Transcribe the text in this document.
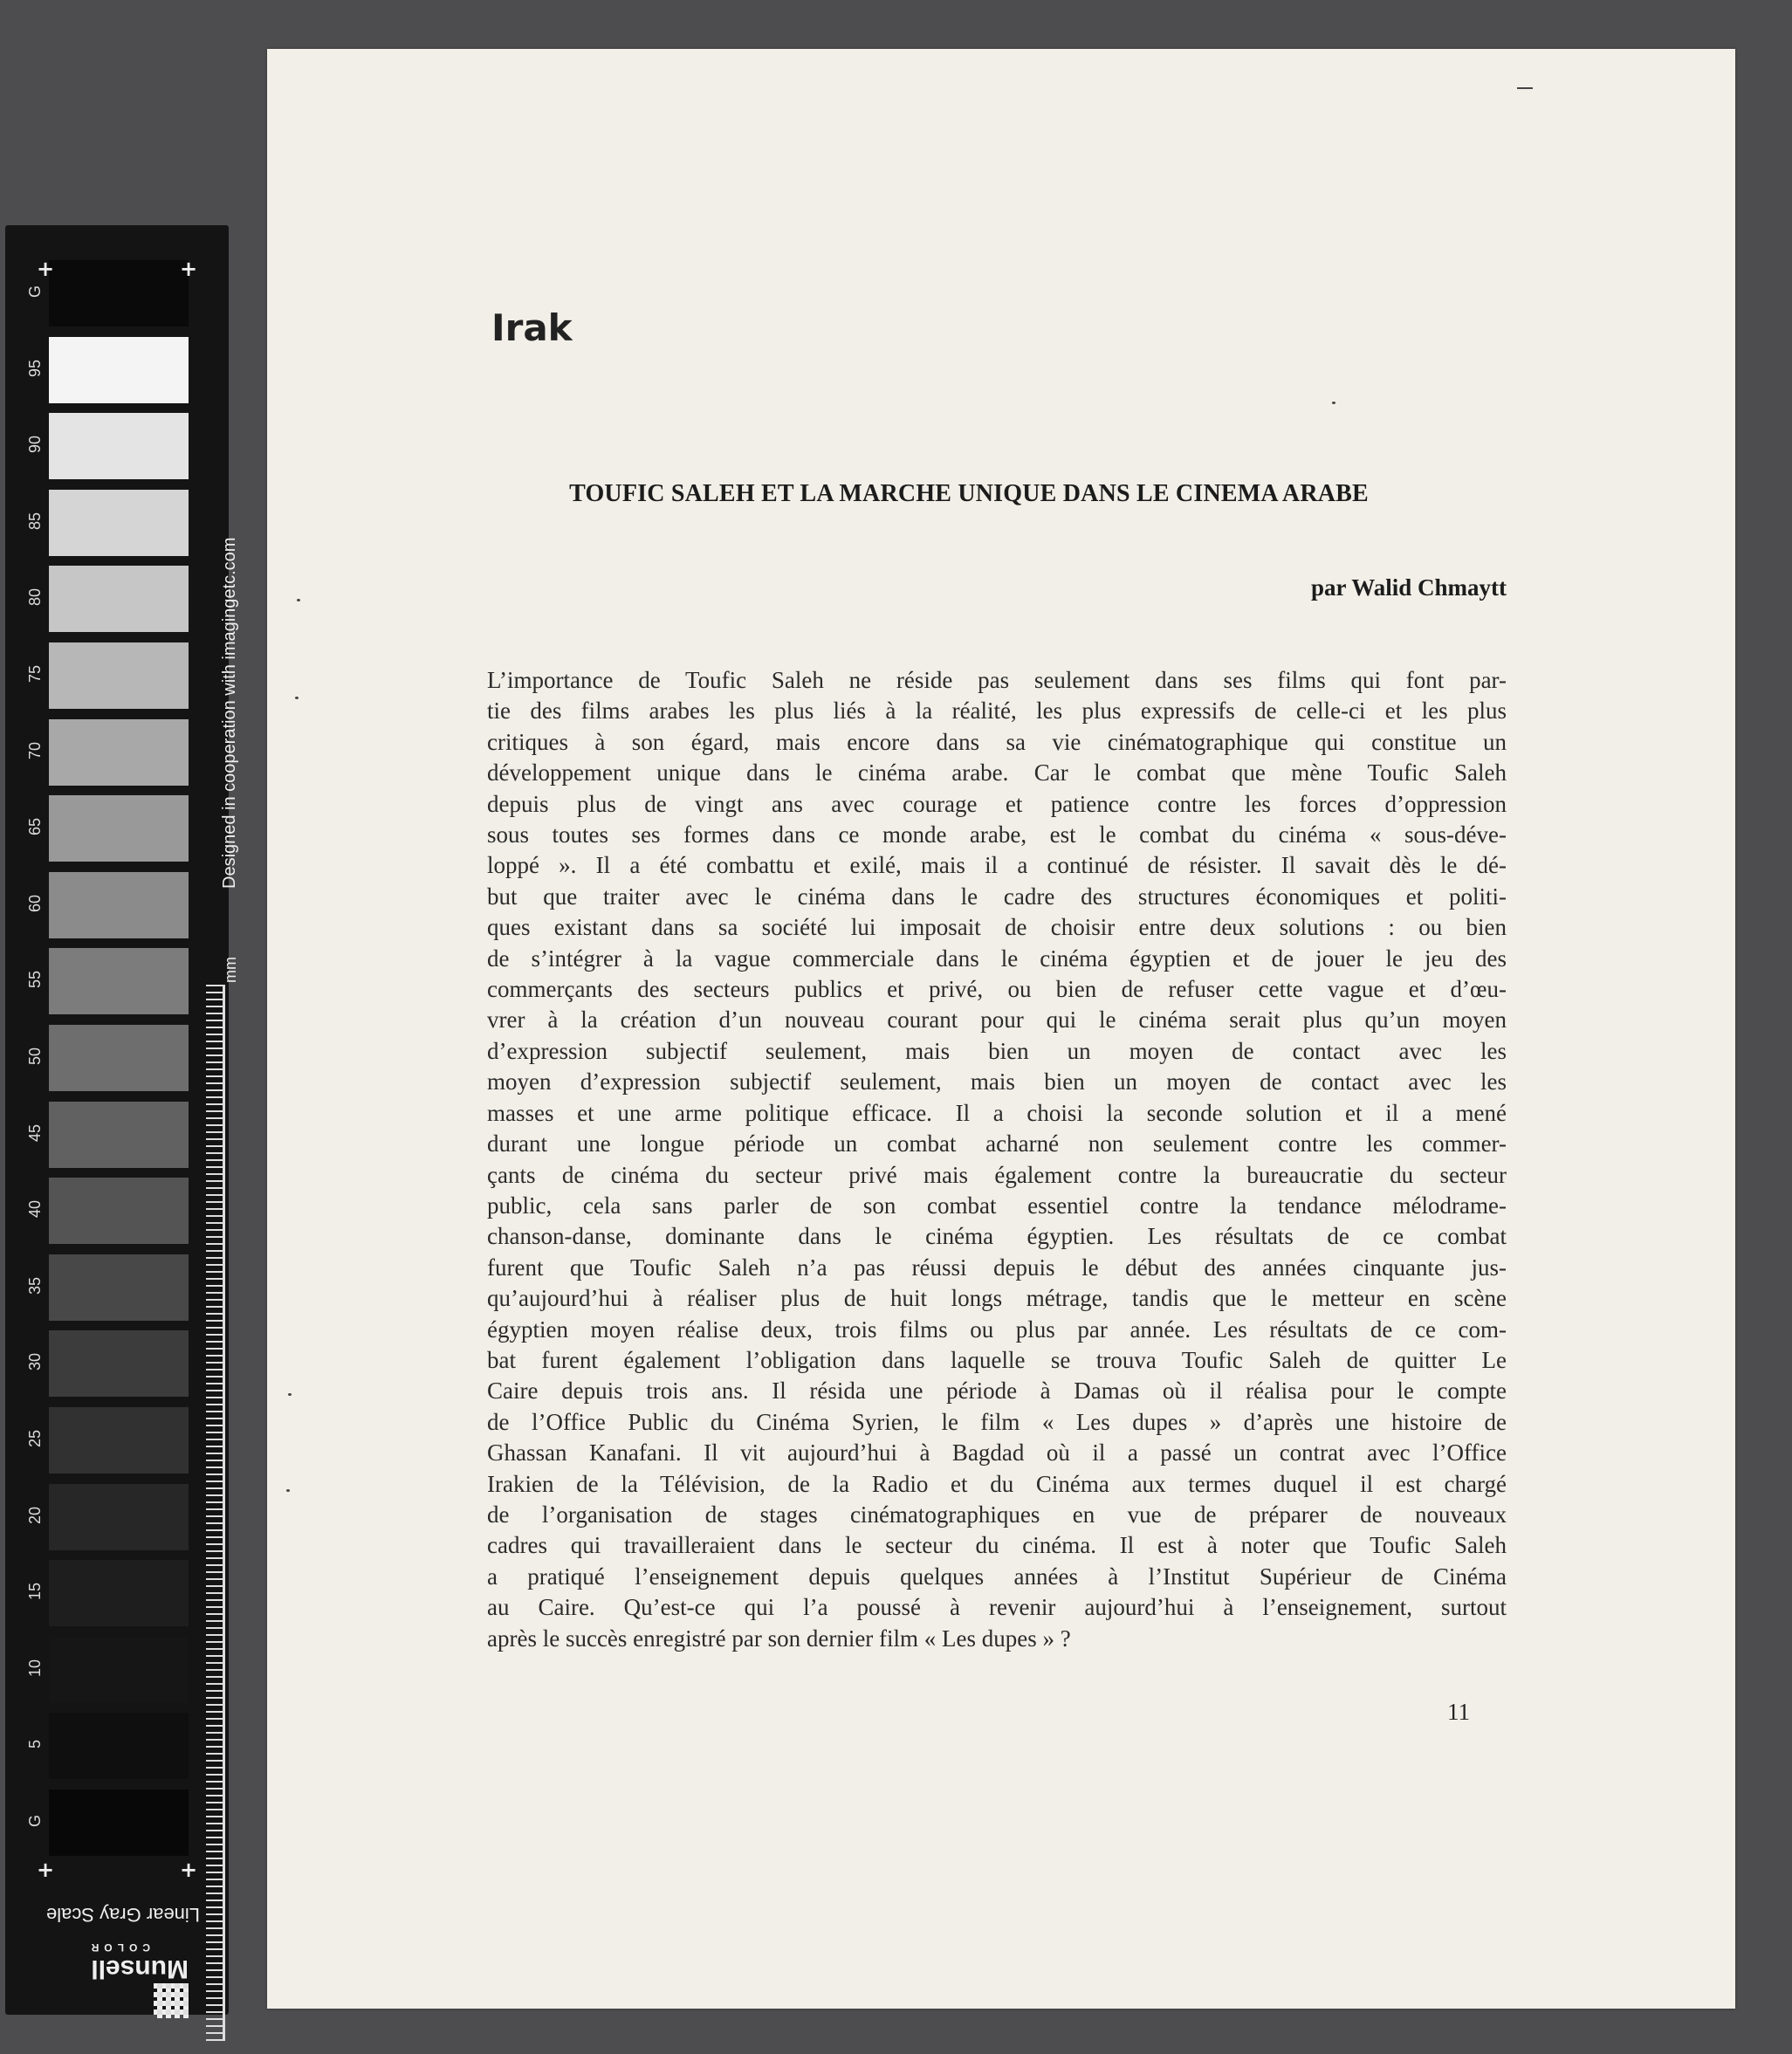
G
95
90
85
80
75
70
65
60
55
50
45
40
35
30
25
20
15
10
5
G
+	+
+	+
Designed in cooperation with imagingetc.com
mm
Linear Gray Scale
Munsell
COLOR
Irak
TOUFIC SALEH ET LA MARCHE UNIQUE DANS LE CINEMA ARABE
par Walid Chmaytt
L’importance de Toufic Saleh ne réside pas seulement dans ses films qui font par-
tie des films arabes les plus liés à la réalité, les plus expressifs de celle-ci et les plus
critiques à son égard, mais encore dans sa vie cinématographique qui constitue un
développement unique dans le cinéma arabe. Car le combat que mène Toufic Saleh
depuis plus de vingt ans avec courage et patience contre les forces d’oppression
sous toutes ses formes dans ce monde arabe, est le combat du cinéma « sous-déve-
loppé ». Il a été combattu et exilé, mais il a continué de résister. Il savait dès le dé-
but que traiter avec le cinéma dans le cadre des structures économiques et politi-
ques existant dans sa société lui imposait de choisir entre deux solutions : ou bien
de s’intégrer à la vague commerciale dans le cinéma égyptien et de jouer le jeu des
commerçants des secteurs publics et privé, ou bien de refuser cette vague et d’œu-
vrer à la création d’un nouveau courant pour qui le cinéma serait plus qu’un moyen
d’expression subjectif seulement, mais bien un moyen de contact avec les
moyen d’expression subjectif seulement, mais bien un moyen de contact avec les
masses et une arme politique efficace. Il a choisi la seconde solution et il a mené
durant une longue période un combat acharné non seulement contre les commer-
çants de cinéma du secteur privé mais également contre la bureaucratie du secteur
public, cela sans parler de son combat essentiel contre la tendance mélodrame-
chanson-danse, dominante dans le cinéma égyptien. Les résultats de ce combat
furent que Toufic Saleh n’a pas réussi depuis le début des années cinquante jus-
qu’aujourd’hui à réaliser plus de huit longs métrage, tandis que le metteur en scène
égyptien moyen réalise deux, trois films ou plus par année. Les résultats de ce com-
bat furent également l’obligation dans laquelle se trouva Toufic Saleh de quitter Le
Caire depuis trois ans. Il résida une période à Damas où il réalisa pour le compte
de l’Office Public du Cinéma Syrien, le film « Les dupes » d’après une histoire de
Ghassan Kanafani. Il vit aujourd’hui à Bagdad où il a passé un contrat avec l’Office
Irakien de la Télévision, de la Radio et du Cinéma aux termes duquel il est chargé
de l’organisation de stages cinématographiques en vue de préparer de nouveaux
cadres qui travailleraient dans le secteur du cinéma. Il est à noter que Toufic Saleh
a pratiqué l’enseignement depuis quelques années à l’Institut Supérieur de Cinéma
au Caire. Qu’est-ce qui l’a poussé à revenir aujourd’hui à l’enseignement, surtout
après le succès enregistré par son dernier film « Les dupes » ?
11
